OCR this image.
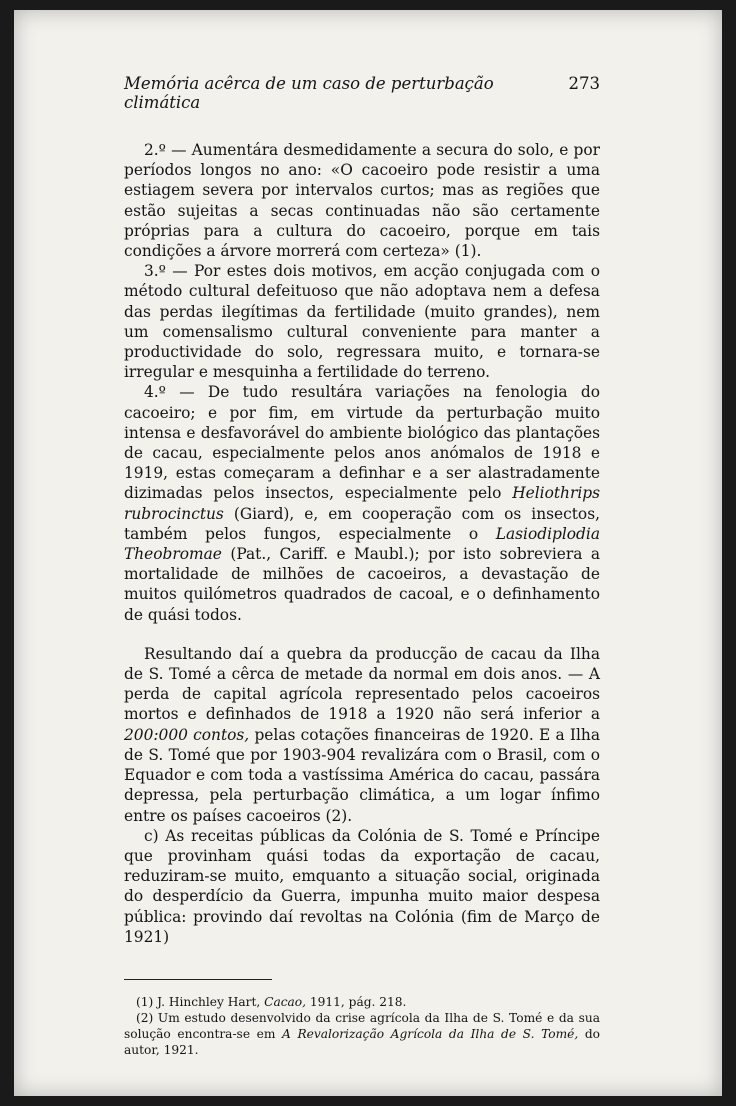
Memória acêrca de um caso de perturbação climática
273

2.º — Aumentára desmedidamente a secura do solo, e por períodos longos no ano: «O cacoeiro pode resistir a uma estiagem severa por intervalos curtos; mas as regiões que estão sujeitas a secas continuadas não são certamente próprias para a cultura do cacoeiro, porque em tais condições a árvore morrerá com certeza» (1).

3.º — Por estes dois motivos, em acção conjugada com o método cultural defeituoso que não adoptava nem a defesa das perdas ilegítimas da fertilidade (muito grandes), nem um comensalismo cultural conveniente para manter a productividade do solo, regressara muito, e tornara-se irregular e mesquinha a fertilidade do terreno.

4.º — De tudo resultára variações na fenologia do cacoeiro; e por fim, em virtude da perturbação muito intensa e desfavorável do ambiente biológico das plantações de cacau, especialmente pelos anos anómalos de 1918 e 1919, estas começaram a definhar e a ser alastradamente dizimadas pelos insectos, especialmente pelo Heliothrips rubrocinctus (Giard), e, em cooperação com os insectos, também pelos fungos, especialmente o Lasiodiplodia Theobromae (Pat., Cariff. e Maubl.); por isto sobreviera a mortalidade de milhões de cacoeiros, a devastação de muitos quilómetros quadrados de cacoal, e o definhamento de quási todos.

Resultando daí a quebra da producção de cacau da Ilha de S. Tomé a cêrca de metade da normal em dois anos. — A perda de capital agrícola representado pelos cacoeiros mortos e definhados de 1918 a 1920 não será inferior a 200:000 contos, pelas cotações financeiras de 1920. E a Ilha de S. Tomé que por 1903-904 revalizára com o Brasil, com o Equador e com toda a vastíssima América do cacau, passára depressa, pela perturbação climática, a um logar ínfimo entre os países cacoeiros (2).

c) As receitas públicas da Colónia de S. Tomé e Príncipe que provinham quási todas da exportação de cacau, reduziram-se muito, emquanto a situação social, originada do desperdício da Guerra, impunha muito maior despesa pública: provindo daí revoltas na Colónia (fim de Março de 1921)

(1) J. Hinchley Hart, Cacao, 1911, pág. 218.

(2) Um estudo desenvolvido da crise agrícola da Ilha de S. Tomé e da sua solução encontra-se em A Revalorização Agrícola da Ilha de S. Tomé, do autor, 1921.
